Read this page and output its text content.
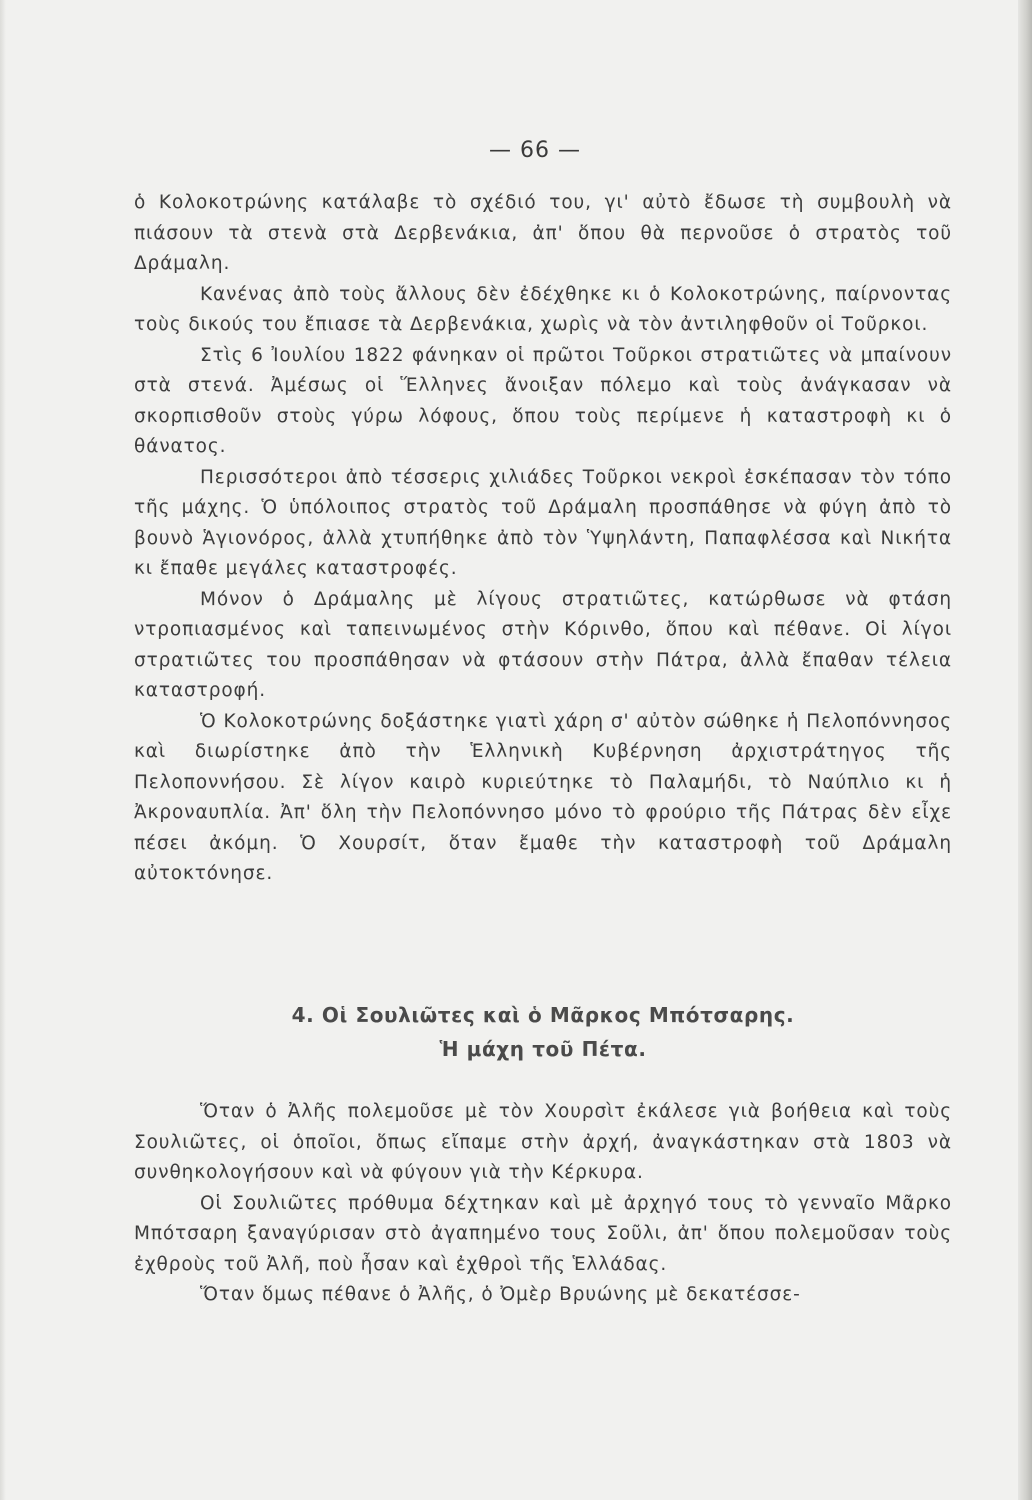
— 66 —

ὁ Κολοκοτρώνης κατάλαβε τὸ σχέδιό του, γι' αὐτὸ ἔδωσε τὴ συμβουλὴ νὰ πιάσουν τὰ στενὰ στὰ Δερβενάκια, ἀπ' ὅπου θὰ περνοῦσε ὁ στρατὸς τοῦ Δράμαλη.

Κανένας ἀπὸ τοὺς ἄλλους δὲν ἐδέχθηκε κι ὁ Κολοκοτρώνης, παίρνοντας τοὺς δικούς του ἔπιασε τὰ Δερβενάκια, χωρὶς νὰ τὸν ἀντιληφθοῦν οἱ Τοῦρκοι.

Στὶς 6 Ἰουλίου 1822 φάνηκαν οἱ πρῶτοι Τοῦρκοι στρατιῶτες νὰ μπαίνουν στὰ στενά. Ἀμέσως οἱ Ἕλληνες ἄνοιξαν πόλεμο καὶ τοὺς ἀνάγκασαν νὰ σκορπισθοῦν στοὺς γύρω λόφους, ὅπου τοὺς περίμενε ἡ καταστροφὴ κι ὁ θάνατος.

Περισσότεροι ἀπὸ τέσσερις χιλιάδες Τοῦρκοι νεκροὶ ἐσκέπασαν τὸν τόπο τῆς μάχης. Ὁ ὑπόλοιπος στρατὸς τοῦ Δράμαλη προσπάθησε νὰ φύγη ἀπὸ τὸ βουνὸ Ἁγιονόρος, ἀλλὰ χτυπήθηκε ἀπὸ τὸν Ὑψηλάντη, Παπαφλέσσα καὶ Νικήτα κι ἔπαθε μεγάλες καταστροφές.

Μόνον ὁ Δράμαλης μὲ λίγους στρατιῶτες, κατώρθωσε νὰ φτάση ντροπιασμένος καὶ ταπεινωμένος στὴν Κόρινθο, ὅπου καὶ πέθανε. Οἱ λίγοι στρατιῶτες του προσπάθησαν νὰ φτάσουν στὴν Πάτρα, ἀλλὰ ἔπαθαν τέλεια καταστροφή.

Ὁ Κολοκοτρώνης δοξάστηκε γιατὶ χάρη σ' αὐτὸν σώθηκε ἡ Πελοπόννησος καὶ διωρίστηκε ἀπὸ τὴν Ἑλληνικὴ Κυβέρνηση ἀρχιστράτηγος τῆς Πελοποννήσου. Σὲ λίγον καιρὸ κυριεύτηκε τὸ Παλαμήδι, τὸ Ναύπλιο κι ἡ Ἀκροναυπλία. Ἀπ' ὅλη τὴν Πελοπόννησο μόνο τὸ φρούριο τῆς Πάτρας δὲν εἶχε πέσει ἀκόμη. Ὁ Χουρσίτ, ὅταν ἔμαθε τὴν καταστροφὴ τοῦ Δράμαλη αὐτοκτόνησε.

4. Οἱ Σουλιῶτες καὶ ὁ Μᾶρκος Μπότσαρης.
Ἡ μάχη τοῦ Πέτα.

Ὅταν ὁ Ἀλῆς πολεμοῦσε μὲ τὸν Χουρσὶτ ἐκάλεσε γιὰ βοήθεια καὶ τοὺς Σουλιῶτες, οἱ ὁποῖοι, ὅπως εἴπαμε στὴν ἀρχή, ἀναγκάστηκαν στὰ 1803 νὰ συνθηκολογήσουν καὶ νὰ φύγουν γιὰ τὴν Κέρκυρα.

Οἱ Σουλιῶτες πρόθυμα δέχτηκαν καὶ μὲ ἀρχηγό τους τὸ γενναῖο Μᾶρκο Μπότσαρη ξαναγύρισαν στὸ ἀγαπημένο τους Σοῦλι, ἀπ' ὅπου πολεμοῦσαν τοὺς ἐχθροὺς τοῦ Ἀλῆ, ποὺ ἦσαν καὶ ἐχθροὶ τῆς Ἑλλάδας.

Ὅταν ὅμως πέθανε ὁ Ἀλῆς, ὁ Ὀμὲρ Βρυώνης μὲ δεκατέσσε-
